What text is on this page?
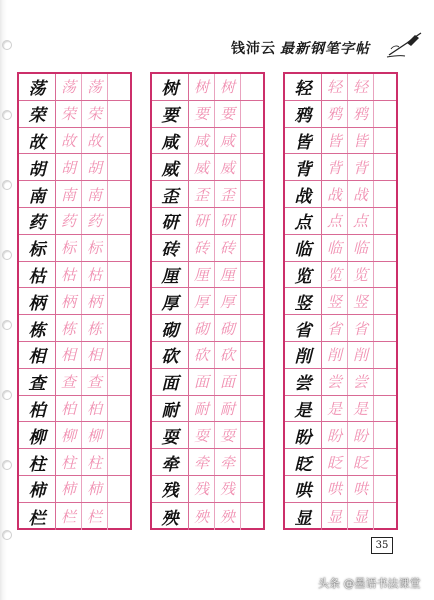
钱沛云 最新钢笔字帖
荡 荡 荡
荣 荣 荣
故 故 故
胡 胡 胡
南 南 南
药 药 药
标 标 标
枯 枯 枯
柄 柄 柄
栋 栋 栋
相 相 相
查 查 查
柏 柏 柏
柳 柳 柳
柱 柱 柱
柿 柿 柿
栏 栏 栏
树 树 树
要 要 要
咸 咸 咸
威 威 威
歪 歪 歪
研 研 研
砖 砖 砖
厘 厘 厘
厚 厚 厚
砌 砌 砌
砍 砍 砍
面 面 面
耐 耐 耐
耍 耍 耍
牵 牵 牵
残 残 残
殃 殃 殃
轻 轻 轻
鸦 鸦 鸦
皆 皆 皆
背 背 背
战 战 战
点 点 点
临 临 临
览 览 览
竖 竖 竖
省 省 省
削 削 削
尝 尝 尝
是 是 是
盼 盼 盼
眨 眨 眨
哄 哄 哄
显 显 显
35
头条 @墨语书法课堂
